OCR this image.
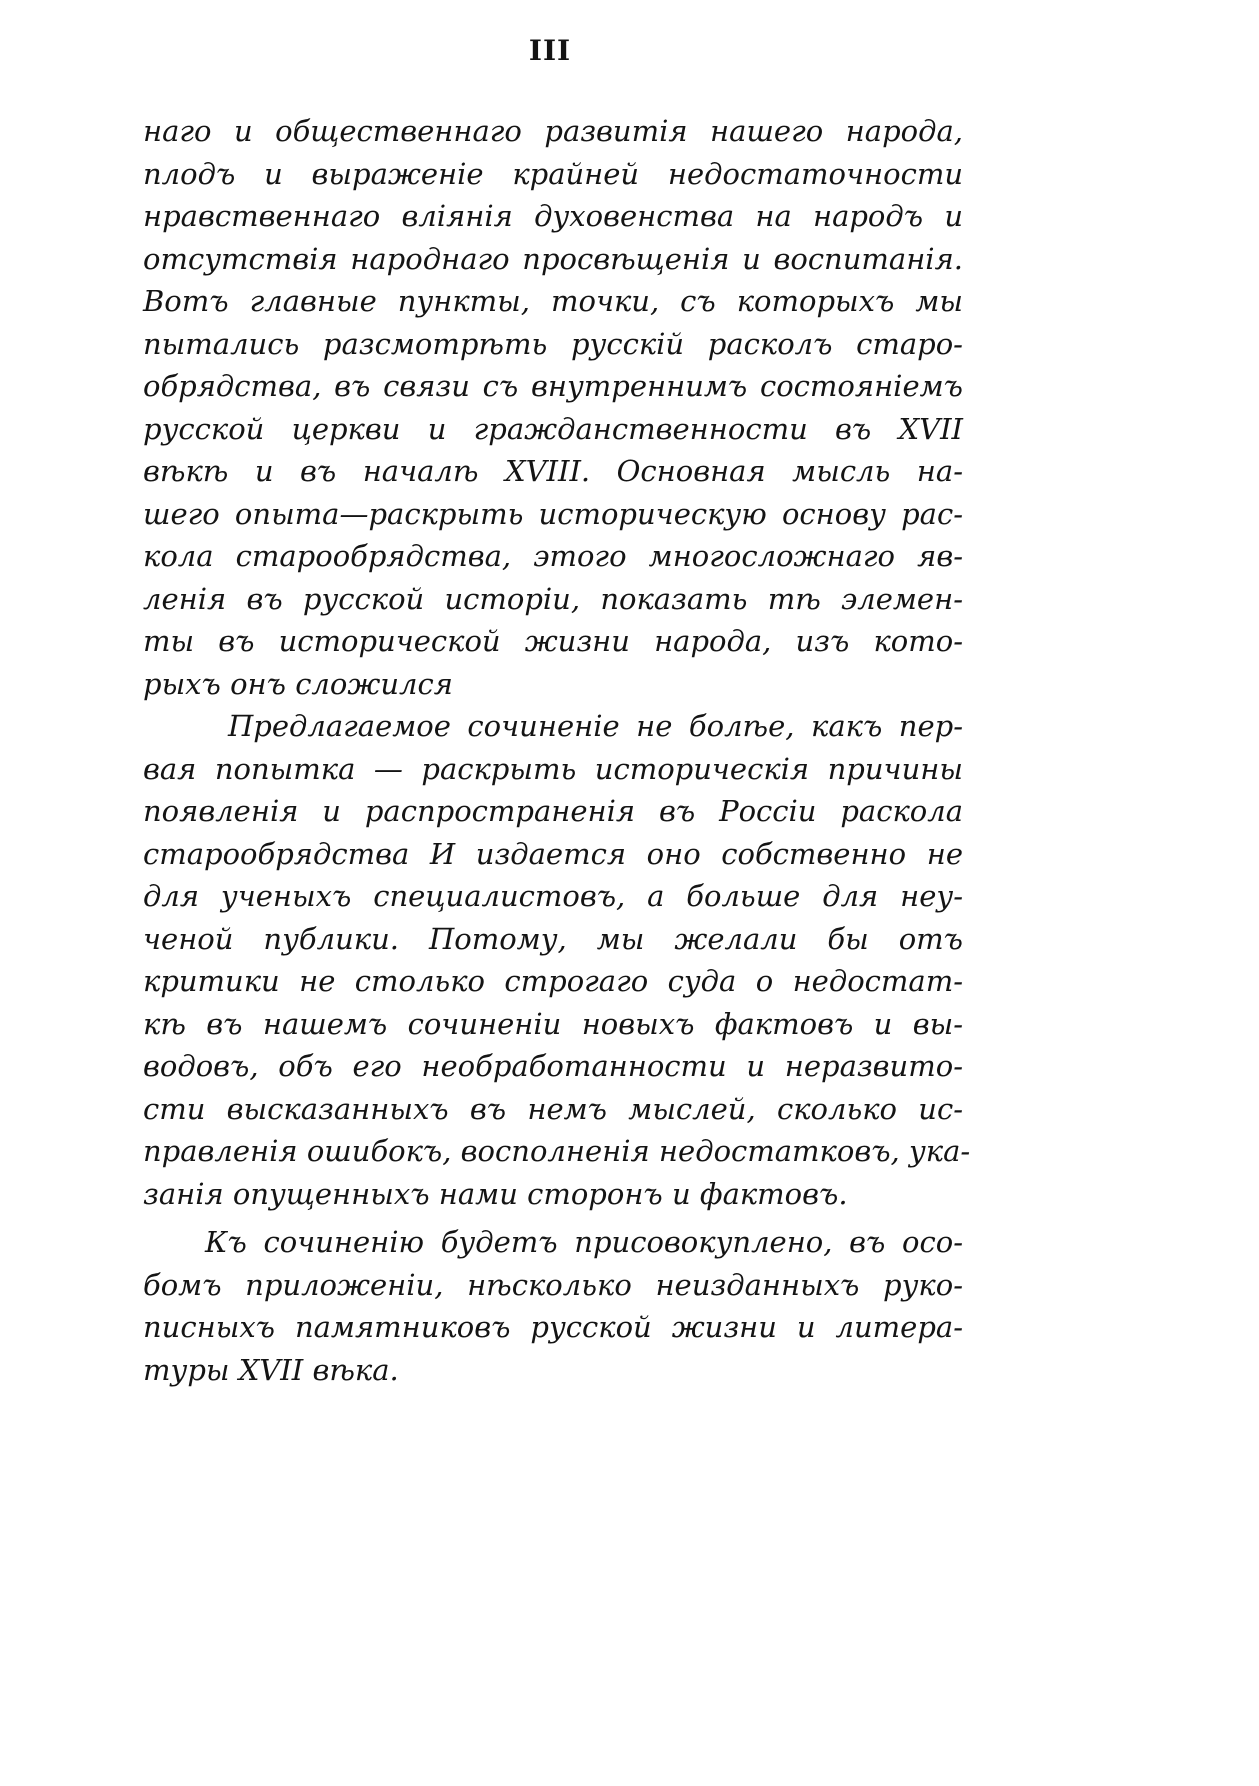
III
наго и общественнаго развитія нашего народа,
плодъ и выраженіе крайней недостаточности
нравственнаго вліянія духовенства на народъ и
отсутствія народнаго просвѣщенія и воспитанія.
Вотъ главные пункты, точки, съ которыхъ мы
пытались разсмотрѣть русскій расколъ старо-
обрядства, въ связи съ внутреннимъ состояніемъ
русской церкви и гражданственности въ XVII
вѣкѣ и въ началѣ XVIII. Основная мысль на-
шего опыта—раскрыть историческую основу рас-
кола старообрядства, этого многосложнаго яв-
ленія въ русской исторіи, показать тѣ элемен-
ты въ исторической жизни народа, изъ кото-
рыхъ онъ сложился
Предлагаемое сочиненіе не болѣе, какъ пер-
вая попытка — раскрыть историческія причины
появленія и распространенія въ Россіи раскола
старообрядства И издается оно собственно не
для ученыхъ специалистовъ, а больше для неу-
ченой публики. Потому, мы желали бы отъ
критики не столько строгаго суда о недостат-
кѣ въ нашемъ сочиненіи новыхъ фактовъ и вы-
водовъ, объ его необработанности и неразвито-
сти высказанныхъ въ немъ мыслей, сколько ис-
правленія ошибокъ, восполненія недостатковъ, ука-
занія опущенныхъ нами сторонъ и фактовъ.
Къ сочиненію будетъ присовокуплено, въ осо-
бомъ приложеніи, нѣсколько неизданныхъ руко-
писныхъ памятниковъ русской жизни и литера-
туры XVII вѣка.
